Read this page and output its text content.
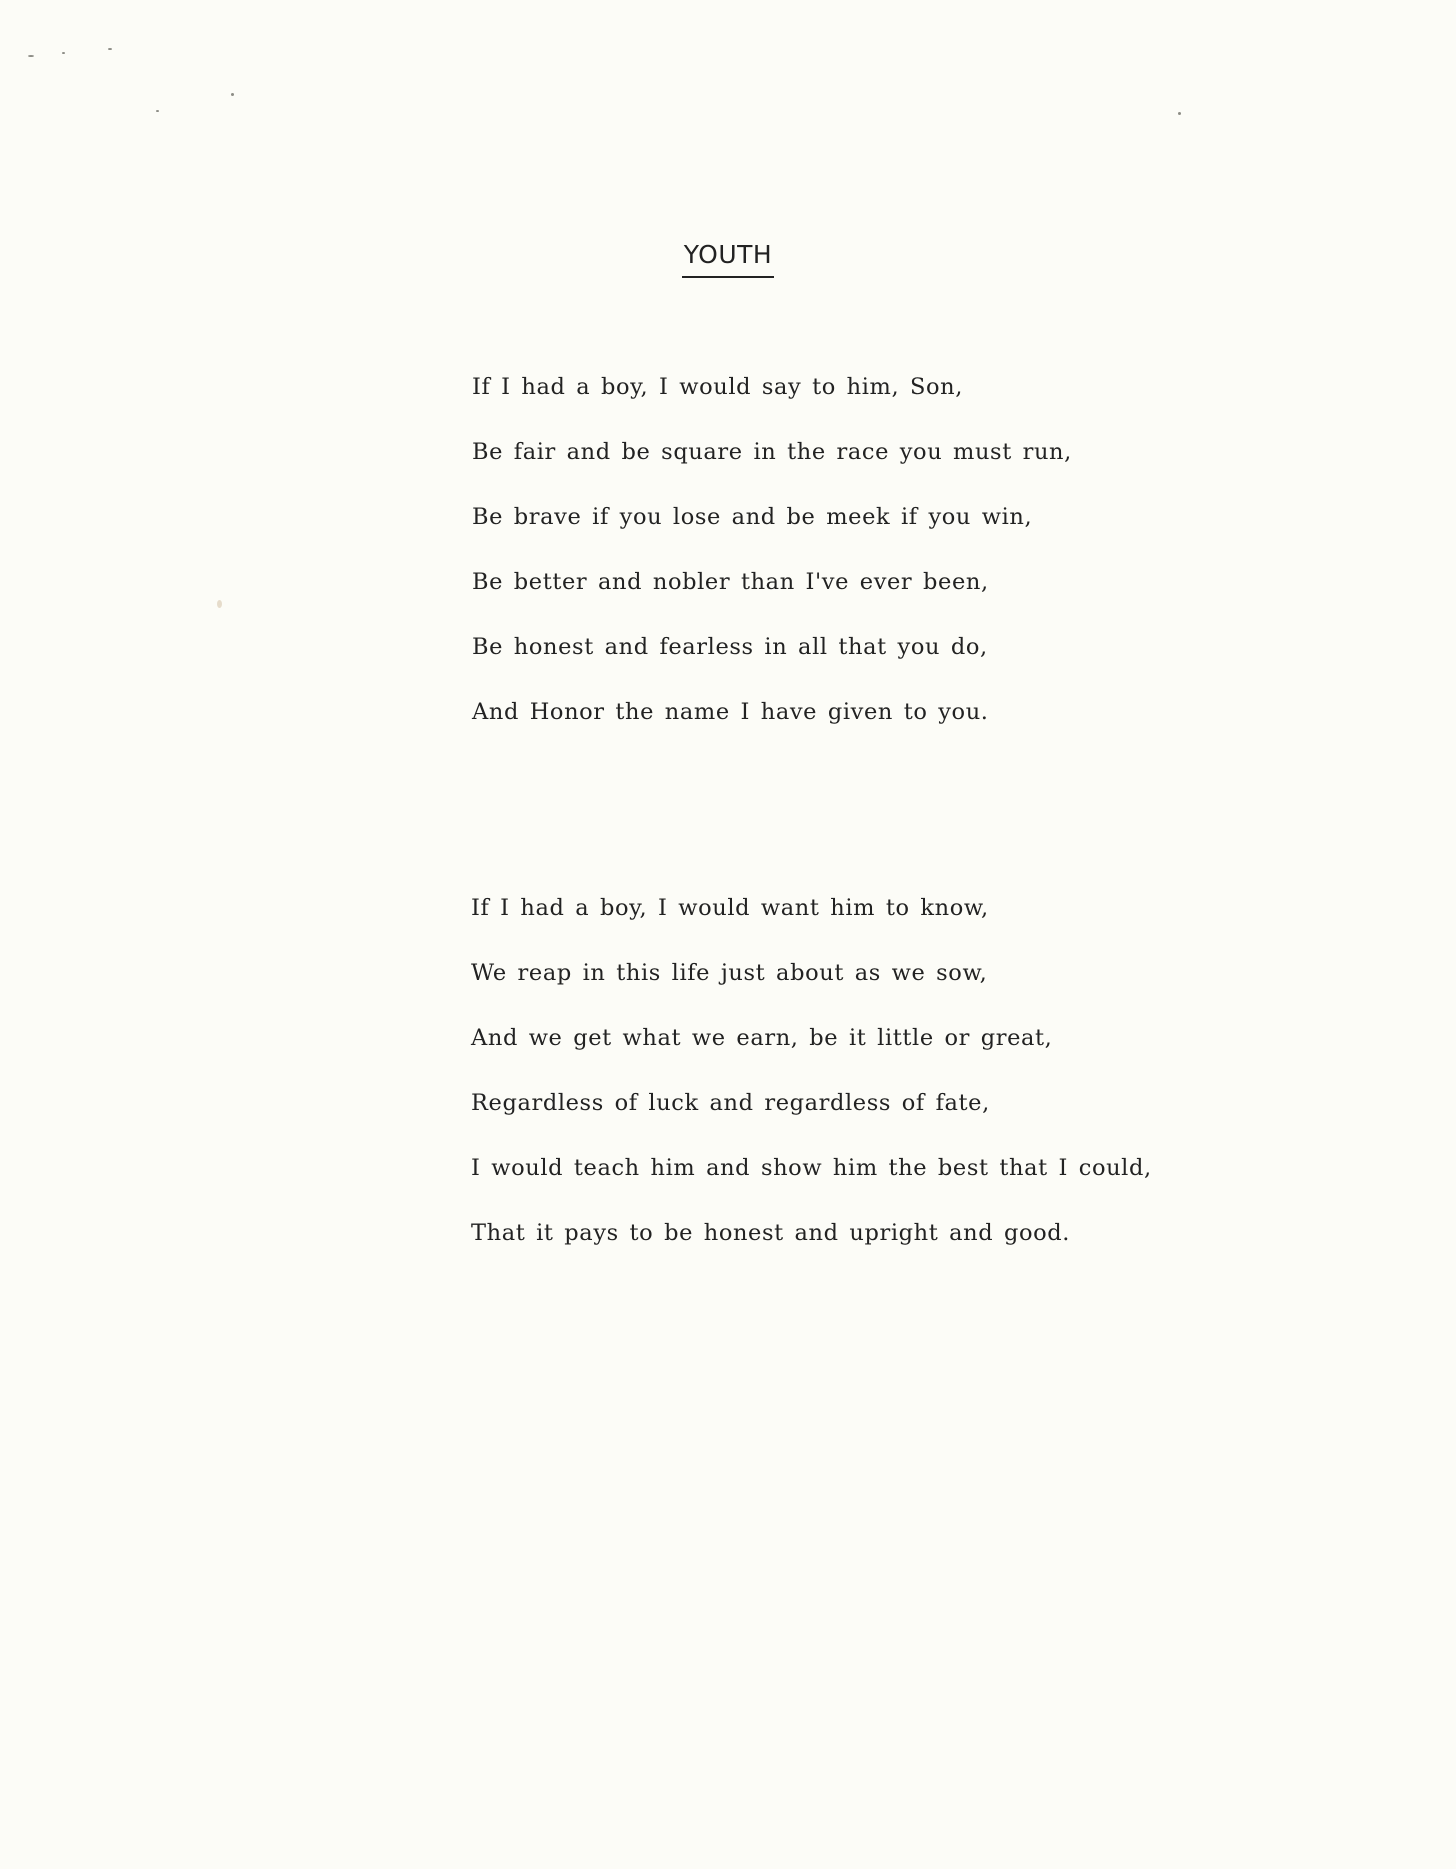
YOUTH
If I had a boy, I would say to him, Son,
Be fair and be square in the race you must run,
Be brave if you lose and be meek if you win,
Be better and nobler than I've ever been,
Be honest and fearless in all that you do,
And Honor the name I have given to you.
If I had a boy, I would want him to know,
We reap in this life just about as we sow,
And we get what we earn, be it little or great,
Regardless of luck and regardless of fate,
I would teach him and show him the best that I could,
That it pays to be honest and upright and good.
